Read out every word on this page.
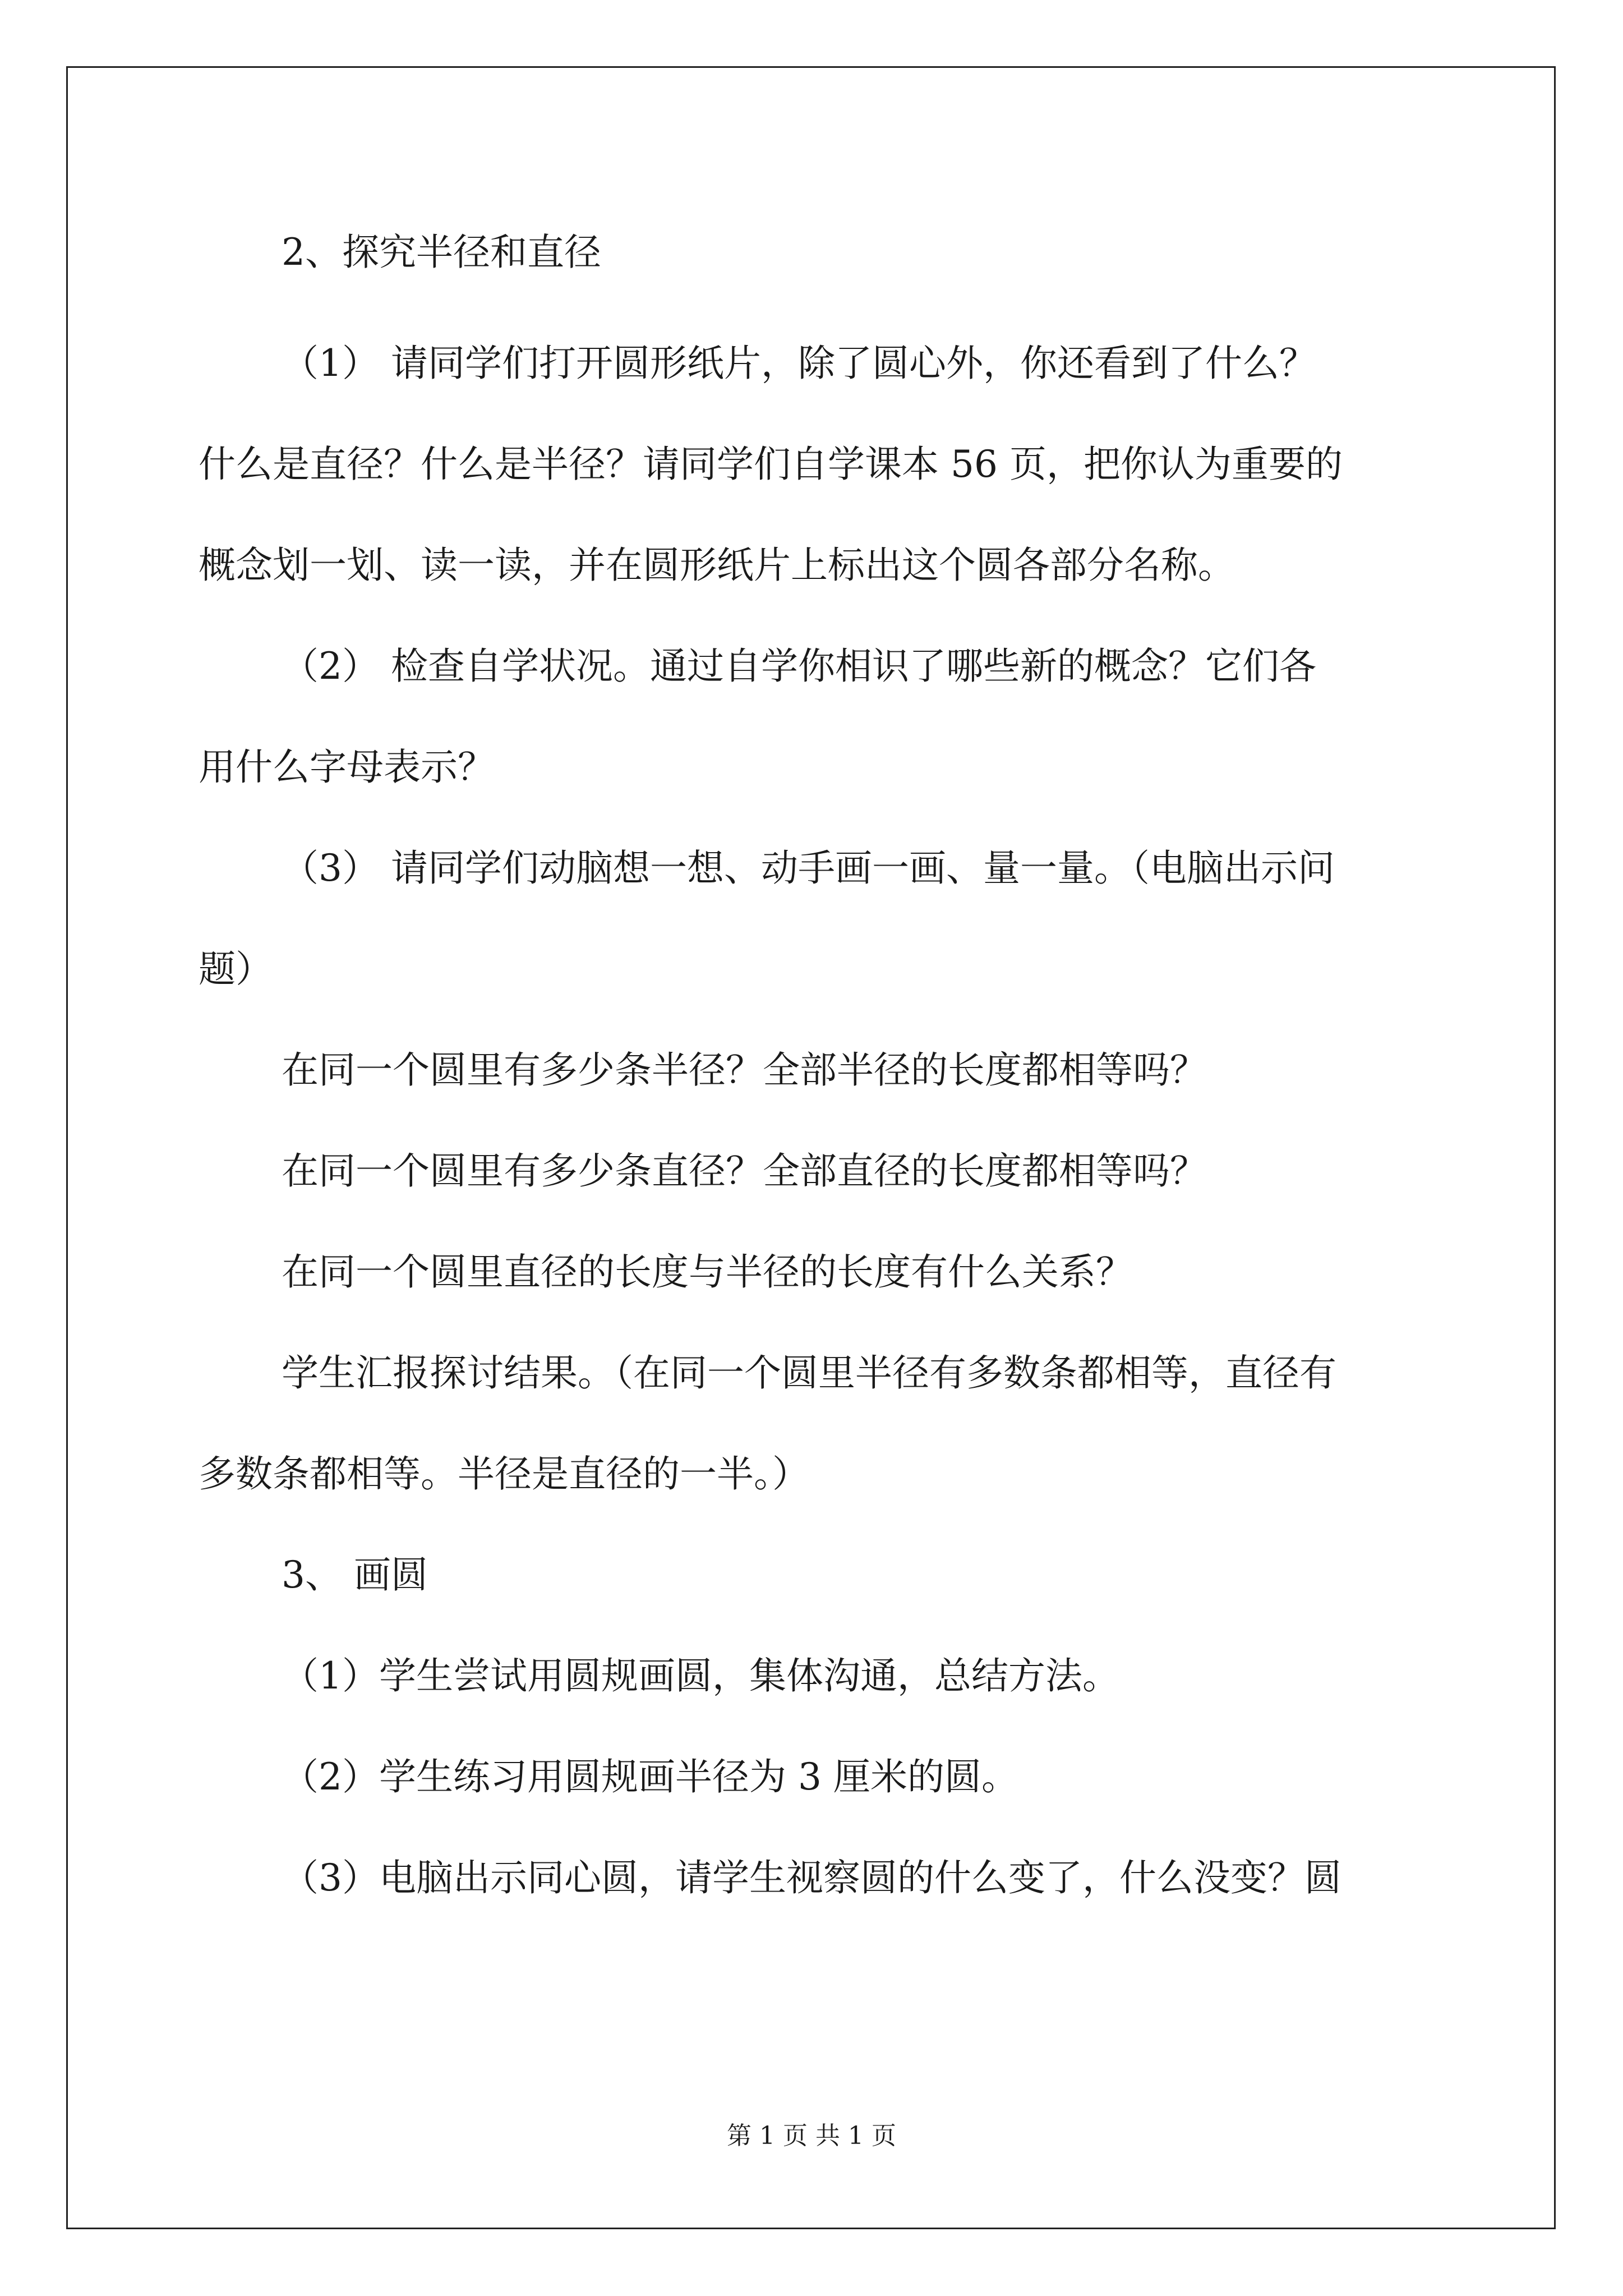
2、探究半径和直径
（1） 请同学们打开圆形纸片，除了圆心外，你还看到了什么？
什么是直径？什么是半径？请同学们自学课本 56 页，把你认为重要的
概念划一划、读一读，并在圆形纸片上标出这个圆各部分名称。
（2） 检查自学状况。通过自学你相识了哪些新的概念？它们各
用什么字母表示？
（3） 请同学们动脑想一想、动手画一画、量一量。（电脑出示问
题）
在同一个圆里有多少条半径？全部半径的长度都相等吗？
在同一个圆里有多少条直径？全部直径的长度都相等吗？
在同一个圆里直径的长度与半径的长度有什么关系？
学生汇报探讨结果。（在同一个圆里半径有多数条都相等，直径有
多数条都相等。半径是直径的一半。）
3、 画圆
（1）学生尝试用圆规画圆，集体沟通，总结方法。
（2）学生练习用圆规画半径为 3 厘米的圆。
（3）电脑出示同心圆，请学生视察圆的什么变了，什么没变？圆
第 1 页 共 1 页
